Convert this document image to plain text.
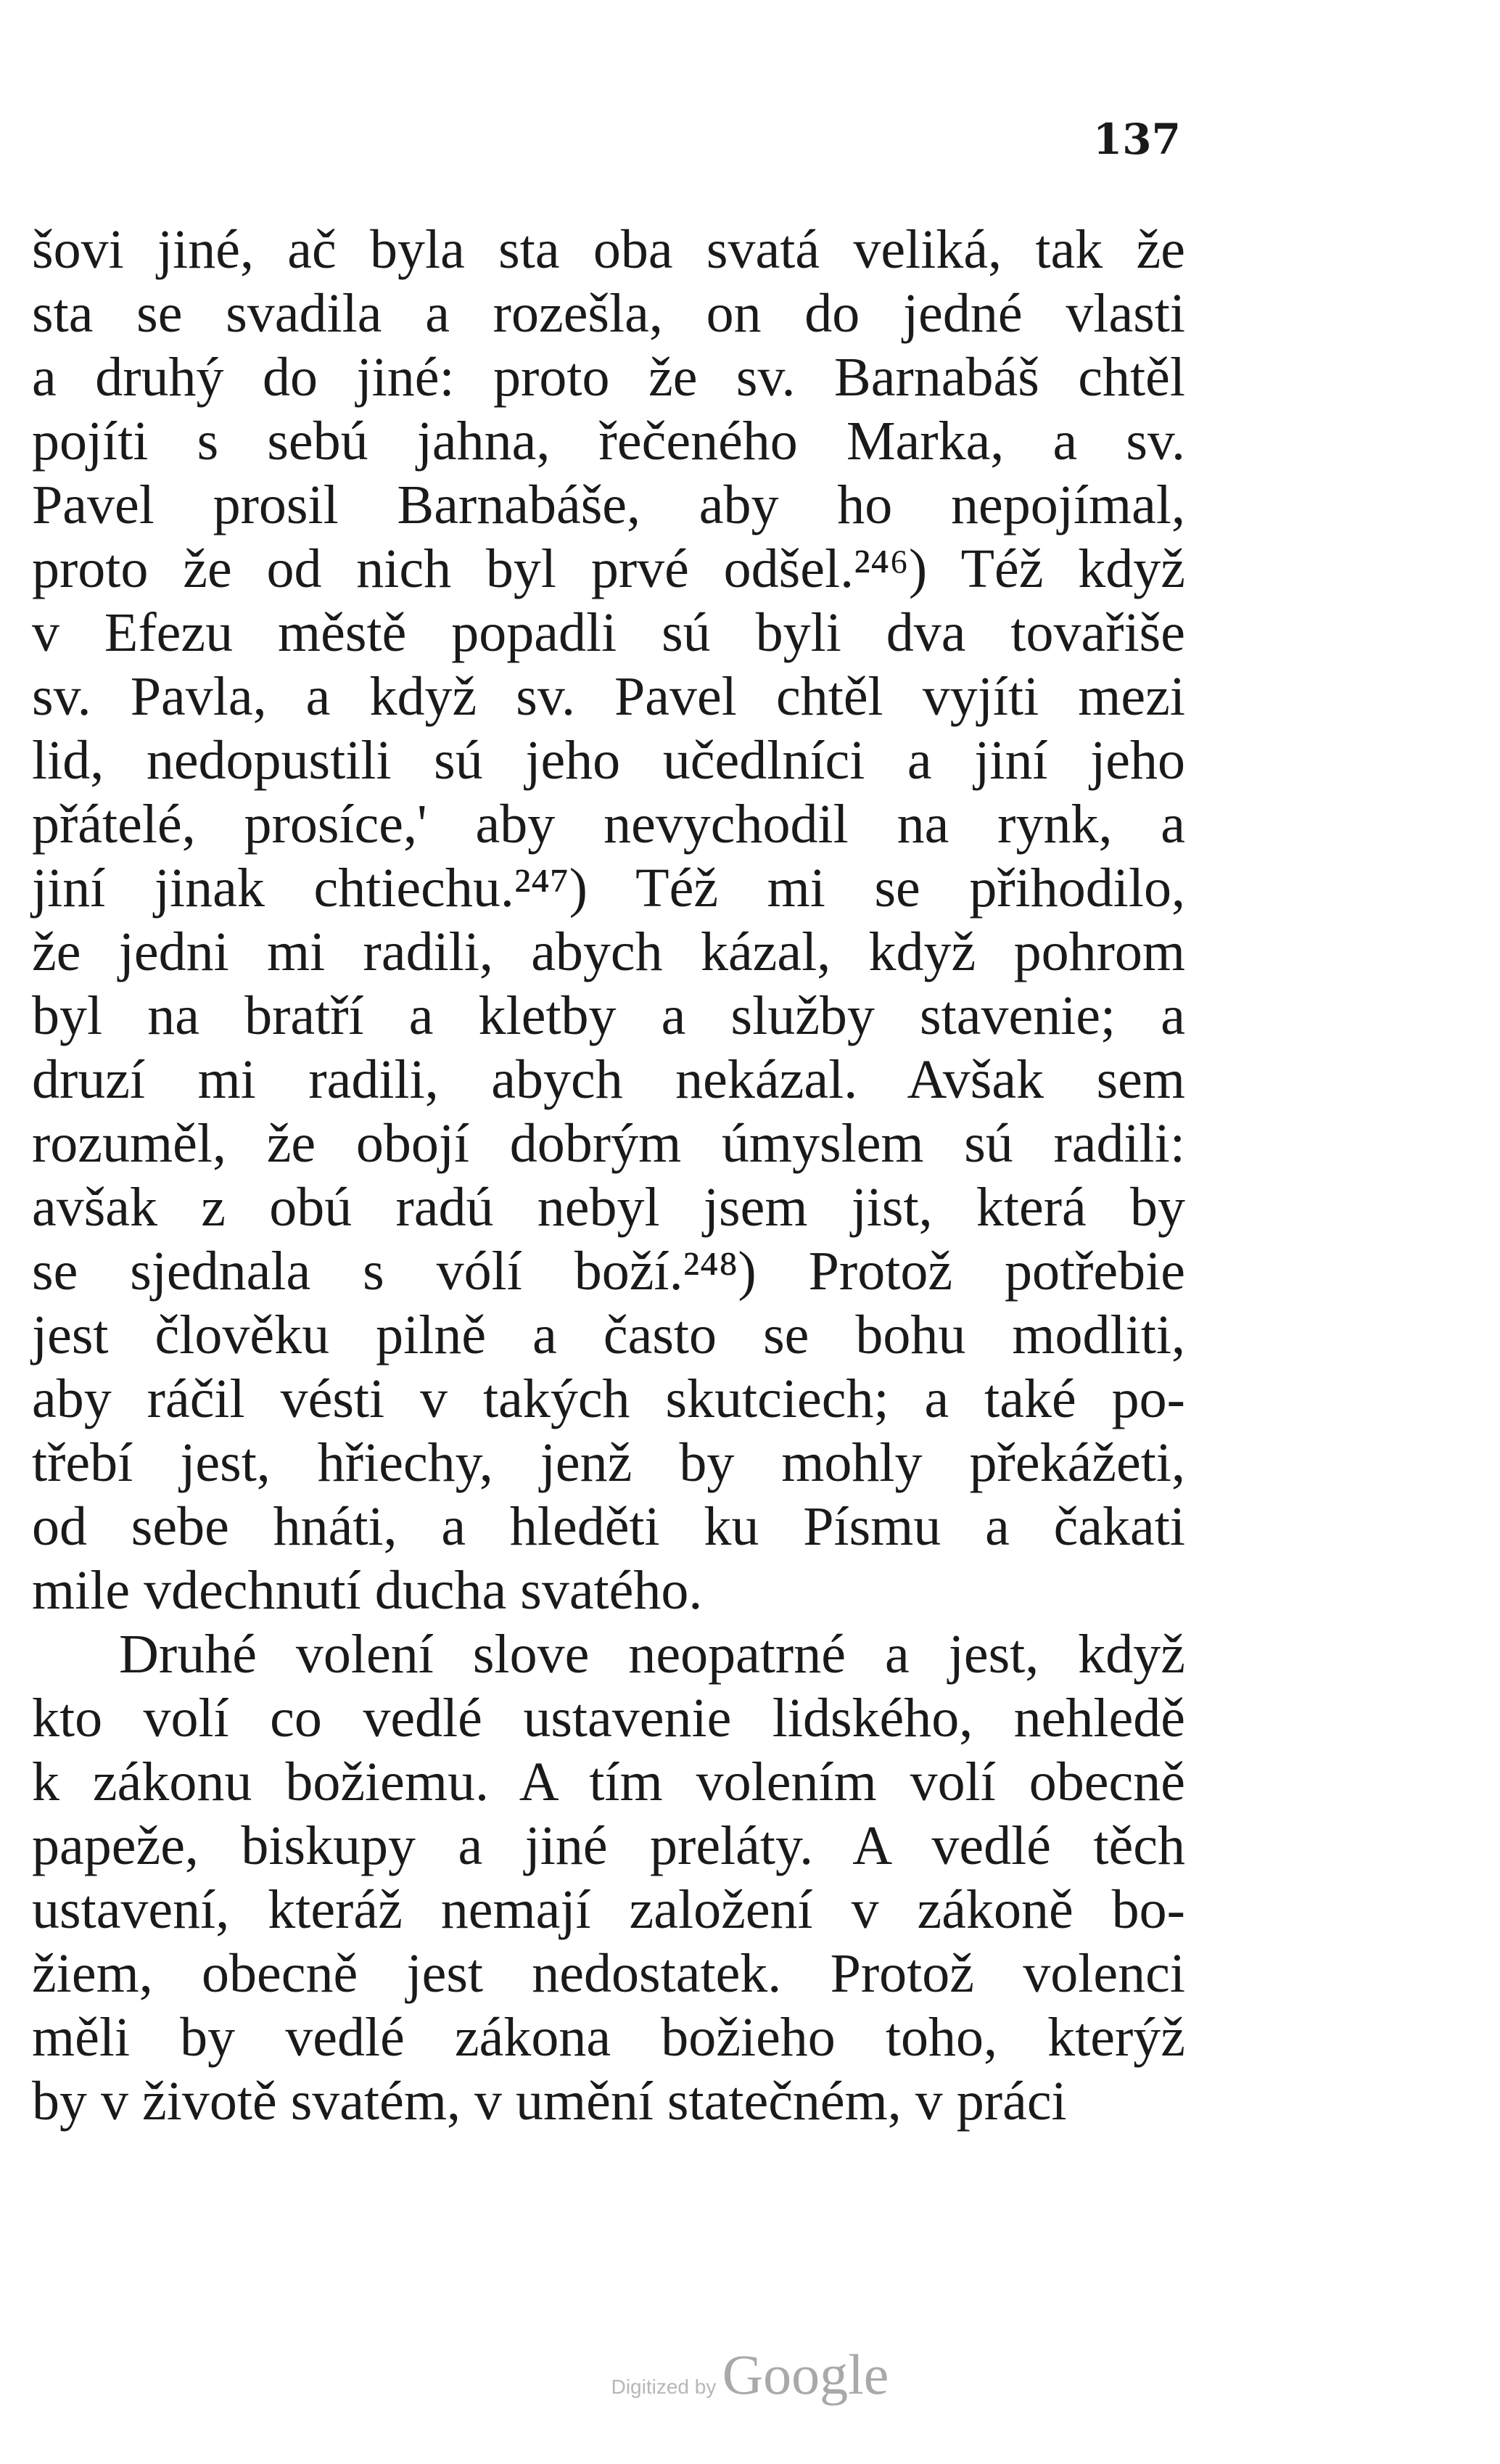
137
šovi jiné, ač byla sta oba svatá veliká, tak že
sta se svadila a rozešla, on do jedné vlasti
a druhý do jiné: proto že sv. Barnabáš chtěl
pojíti s sebú jahna, řečeného Marka, a sv.
Pavel prosil Barnabáše, aby ho nepojímal,
proto že od nich byl prvé odšel.²⁴⁶) Též když
v Efezu městě popadli sú byli dva tovařiše
sv. Pavla, a když sv. Pavel chtěl vyjíti mezi
lid, nedopustili sú jeho učedlníci a jiní jeho
přátelé, prosíce,' aby nevychodil na rynk, a
jiní jinak chtiechu.²⁴⁷) Též mi se přihodilo,
že jedni mi radili, abych kázal, když pohrom
byl na bratří a kletby a služby stavenie; a
druzí mi radili, abych nekázal. Avšak sem
rozuměl, že obojí dobrým úmyslem sú radili:
avšak z obú radú nebyl jsem jist, která by
se sjednala s vólí boží.²⁴⁸) Protož potřebie
jest člověku pilně a často se bohu modliti,
aby ráčil vésti v takých skutciech; a také po-
třebí jest, hřiechy, jenž by mohly překážeti,
od sebe hnáti, a hleděti ku Písmu a čakati
mile vdechnutí ducha svatého.
Druhé volení slove neopatrné a jest, když
kto volí co vedlé ustavenie lidského, nehledě
k zákonu božiemu. A tím volením volí obecně
papeže, biskupy a jiné preláty. A vedlé těch
ustavení, kteráž nemají založení v zákoně bo-
žiem, obecně jest nedostatek. Protož volenci
měli by vedlé zákona božieho toho, kterýž
by v životě svatém, v umění statečném, v práci
Digitized by Google
